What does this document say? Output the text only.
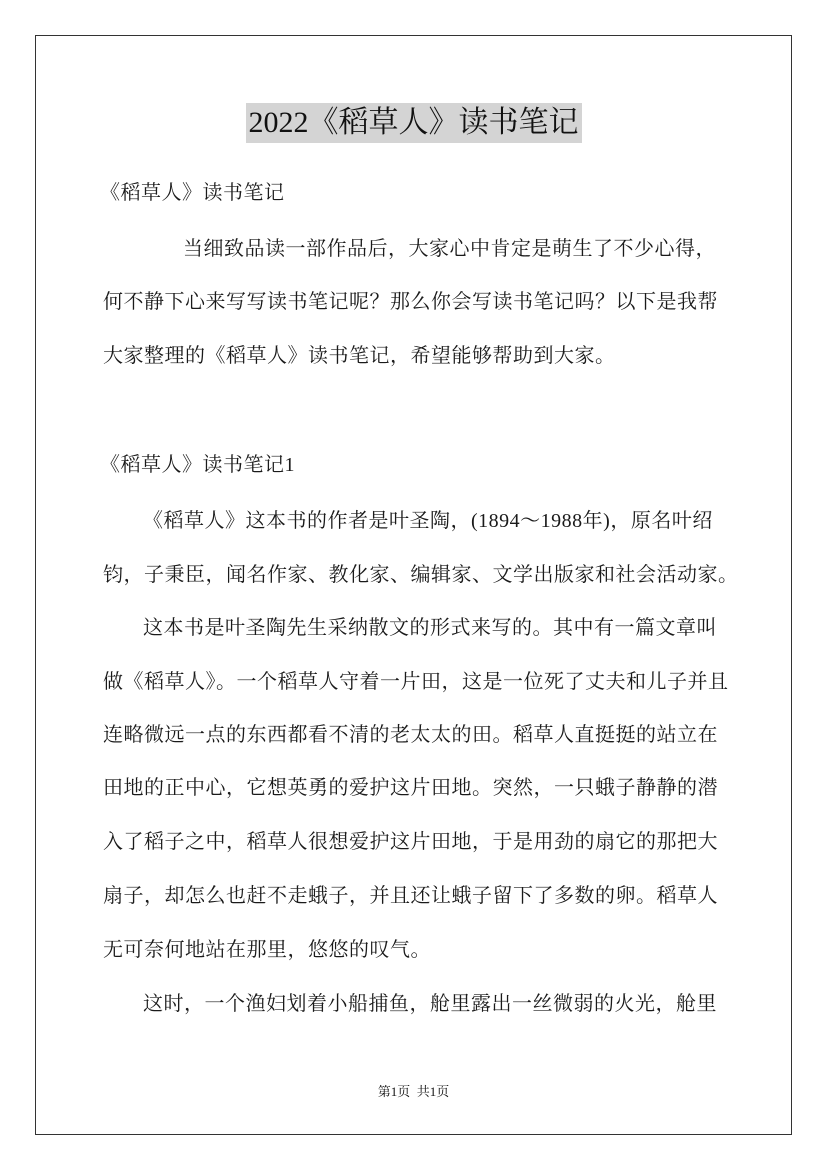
2022《稻草人》读书笔记
《稻草人》读书笔记
当细致品读一部作品后，大家心中肯定是萌生了不少心得，
何不静下心来写写读书笔记呢？那么你会写读书笔记吗？以下是我帮
大家整理的《稻草人》读书笔记，希望能够帮助到大家。
《稻草人》读书笔记1
《稻草人》这本书的作者是叶圣陶，(1894～1988年)，原名叶绍
钧，子秉臣，闻名作家、教化家、编辑家、文学出版家和社会活动家。
这本书是叶圣陶先生采纳散文的形式来写的。其中有一篇文章叫
做《稻草人》。一个稻草人守着一片田，这是一位死了丈夫和儿子并且
连略微远一点的东西都看不清的老太太的田。稻草人直挺挺的站立在
田地的正中心，它想英勇的爱护这片田地。突然，一只蛾子静静的潜
入了稻子之中，稻草人很想爱护这片田地，于是用劲的扇它的那把大
扇子，却怎么也赶不走蛾子，并且还让蛾子留下了多数的卵。稻草人
无可奈何地站在那里，悠悠的叹气。
这时，一个渔妇划着小船捕鱼，舱里露出一丝微弱的火光，舱里
第1页  共1页
